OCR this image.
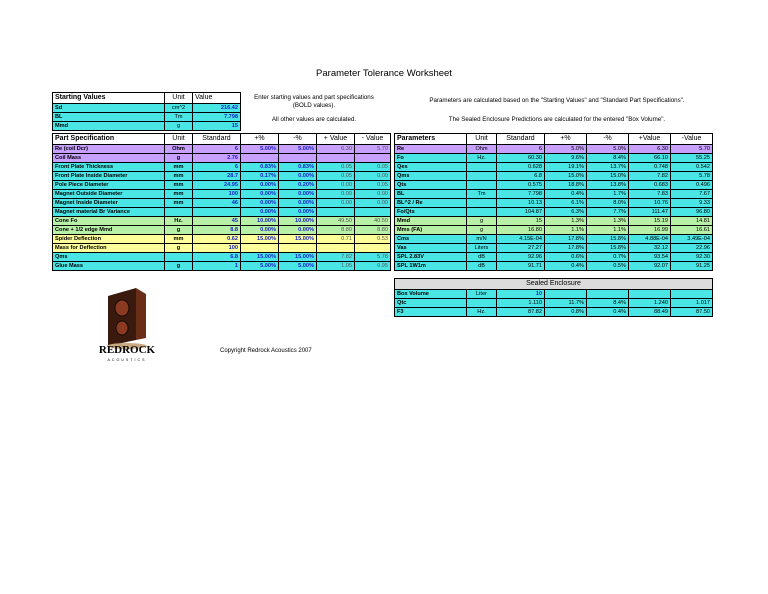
Parameter Tolerance Worksheet
Starting Values	Unit	Value
Sd	cm^2	216.42
BL	Tm	7.798
Mmd	g	15
Enter starting values and part specifications
(BOLD values).
All other values are calculated.
Parameters are calculated based on the "Starting Values" and "Standard Part Specifications".
The Sealed Enclosure Predictions are calculated for the entered "Box Volume".
Part Specification	Unit	Standard	+%	-%	+ Value	- Value
Re (coil Dcr)	Ohm	6	5.00%	5.00%	6.30	5.70
Coil Mass	g	2.76				
Front Plate Thickness	mm	6	0.83%	0.83%	0.05	0.05
Front Plate Inside Diameter	mm	28.7	0.17%	0.00%	0.05	0.00
Pole Piece Diameter	mm	24.95	0.00%	0.20%	0.00	0.05
Magnet Outside Diameter	mm	100	0.00%	0.00%	0.00	0.00
Magnet Inside Diameter	mm	46	0.00%	0.00%	0.00	0.00
Magnet material Br Variance			0.00%	0.00%		
Cone Fo	Hz.	45	10.00%	10.00%	49.50	40.50
Cone + 1/2 edge Mmd	g	8.8	0.00%	0.00%	8.80	8.80
Spider Deflection	mm	0.62	15.00%	15.00%	0.71	0.53
Mass for Deflection	g	100				
Qms		6.8	15.00%	15.00%	7.82	5.78
Glue Mass	g	1	5.00%	5.00%	1.05	0.95
Parameters	Unit	Standard	+%	-%	+Value	-Value
Re	Ohm	6	5.0%	5.0%	6.30	5.70
Fo	Hz.	60.30	9.6%	8.4%	66.10	55.25
Qes		0.628	19.1%	13.7%	0.748	0.542
Qms		6.8	15.0%	15.0%	7.82	5.78
Qts		0.575	18.8%	13.8%	0.683	0.496
BL	Tm	7.798	0.4%	1.7%	7.83	7.67
BL^2 / Re		10.13	6.1%	8.0%	10.76	9.33
Fo/Qts		104.87	6.3%	7.7%	111.47	96.80
Mmd	g	15	1.3%	1.3%	15.19	14.81
Mms (FA)	g	16.80	1.1%	1.1%	16.99	16.61
Cms	m/N	4.15E-04	17.8%	15.8%	4.88E-04	3.49E-04
Vas	Liters	27.27	17.8%	15.8%	32.12	22.96
SPL 2.83V	dB	92.96	0.6%	0.7%	93.54	92.30
SPL 1W1m	dB	91.71	0.4%	0.5%	92.07	91.25
Sealed Enclosure						
Box Volume	Liter	10				
Qtc		1.110	11.7%	8.4%	1.240	1.017
F3	Hz.	87.82	0.8%	0.4%	88.49	87.50
REDROCK
ACOUSTICS
Copyright Redrock Acoustics 2007
